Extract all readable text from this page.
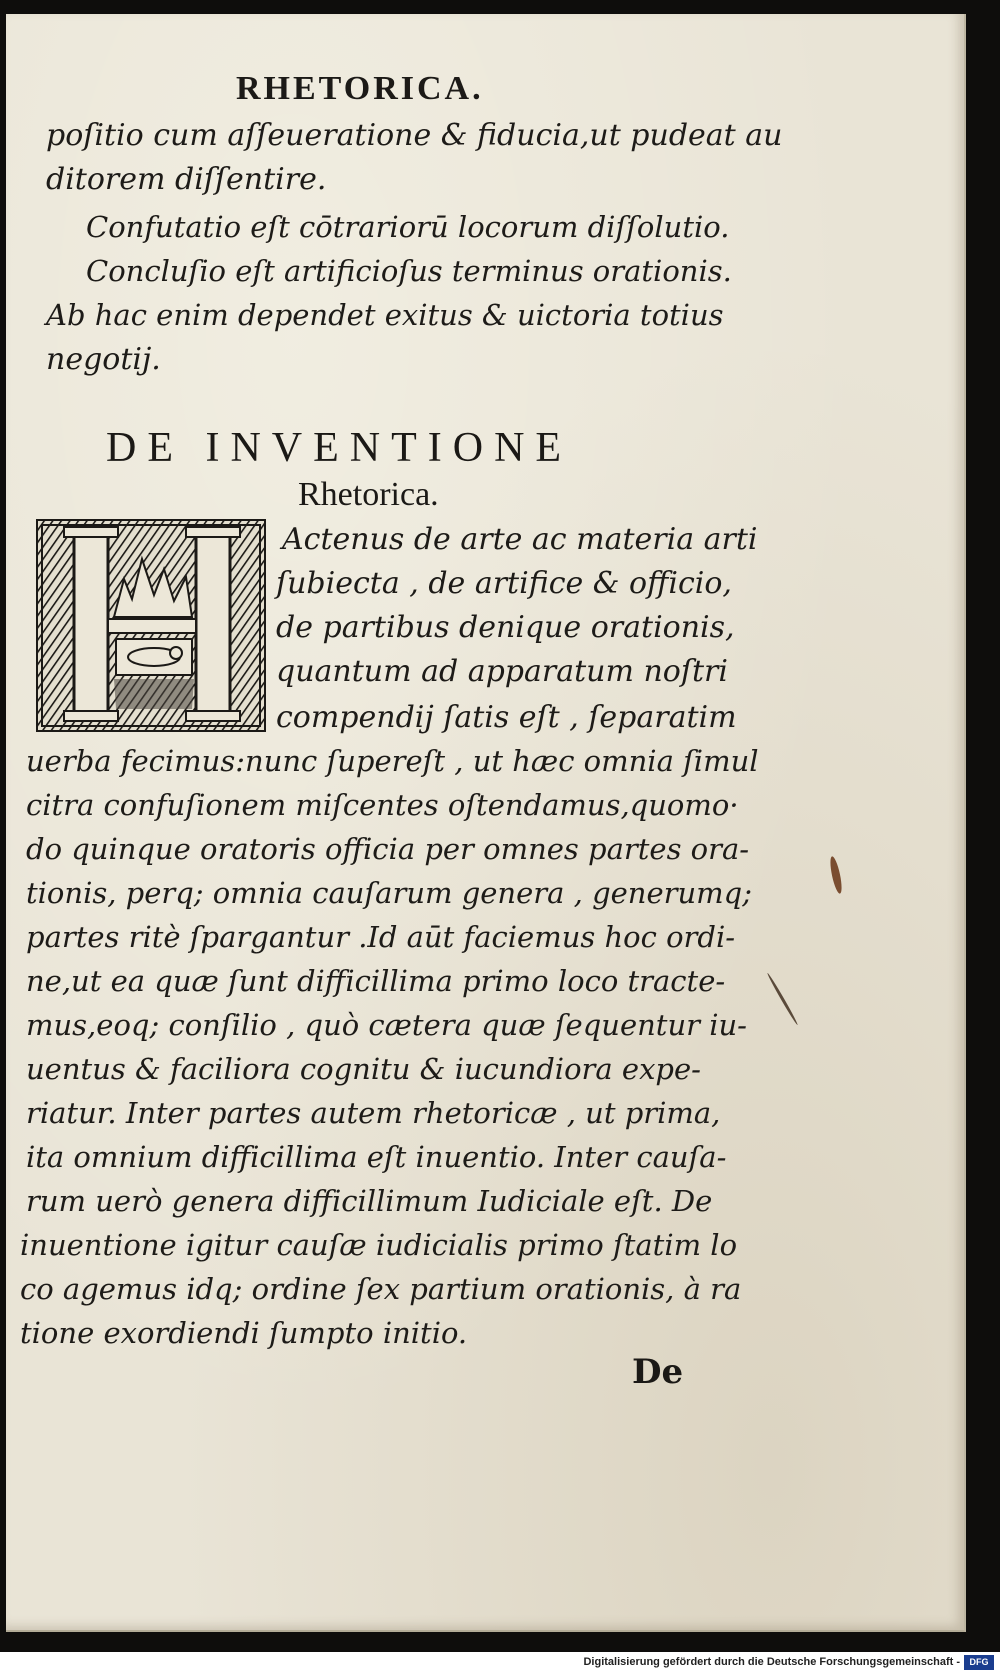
RHETORICA.
poſitio cum aſſeueratione & fiducia,ut pudeat au
ditorem diſſentire.
Confutatio eſt cōtrariorū locorum diſſolutio.
Concluſio eſt artificioſus terminus orationis.
Ab hac enim dependet exitus & uictoria totius
negotij.
DE INVENTIONE
Rhetorica.
Actenus de arte ac materia arti
ſubiecta , de artifice & officio,
de partibus denique orationis,
quantum ad apparatum noſtri
compendij ſatis eſt , ſeparatim
uerba fecimus:nunc ſupereſt , ut hæc omnia ſimul
citra confuſionem miſcentes oſtendamus,quomo·
do quinque oratoris officia per omnes partes ora-
tionis, perq; omnia cauſarum genera , generumq;
partes ritè ſpargantur .Id aūt faciemus hoc ordi-
ne,ut ea quæ ſunt difficillima primo loco tracte-
mus,eoq; conſilio , quò cætera quæ ſequentur iu-
uentus & faciliora cognitu & iucundiora expe-
riatur. Inter partes autem rhetoricæ , ut prima,
ita omnium difficillima eſt inuentio. Inter cauſa-
rum uerò genera difficillimum Iudiciale eſt. De
inuentione igitur cauſæ iudicialis primo ſtatim lo
co agemus idq; ordine ſex partium orationis, à ra
tione exordiendi ſumpto initio.
De
Digitalisierung gefördert durch die Deutsche Forschungsgemeinschaft -	DFG
